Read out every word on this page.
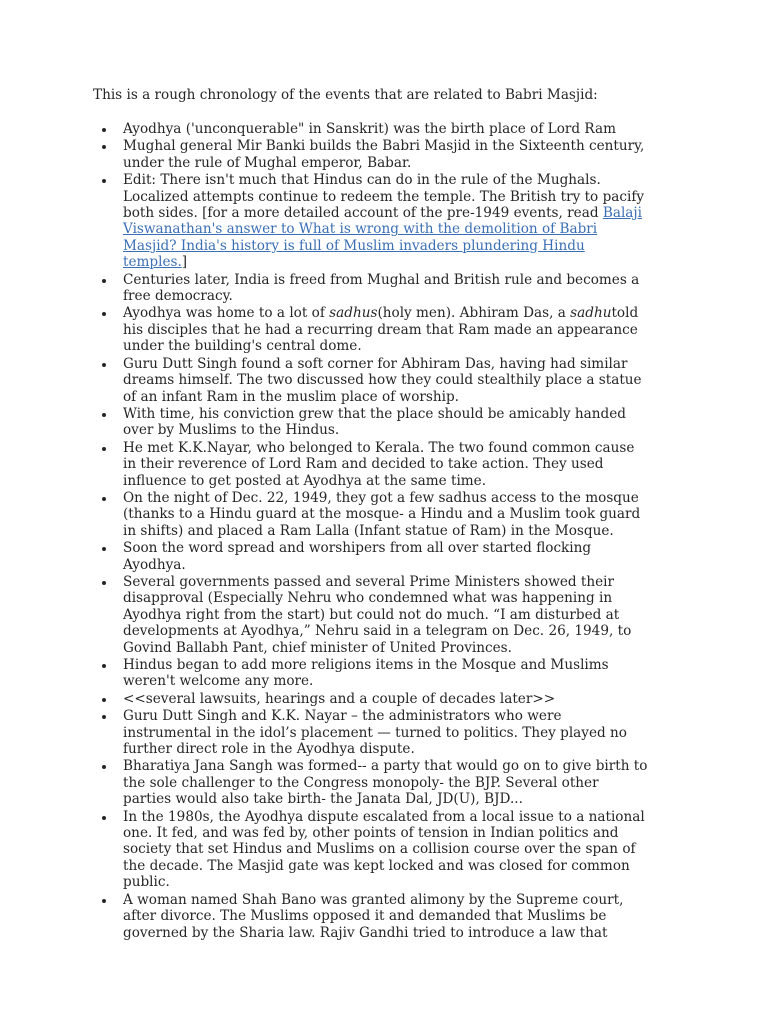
This is a rough chronology of the events that are related to Babri Masjid:

Ayodhya ('unconquerable" in Sanskrit) was the birth place of Lord Ram
Mughal general Mir Banki builds the Babri Masjid in the Sixteenth century,
under the rule of Mughal emperor, Babar.
Edit: There isn't much that Hindus can do in the rule of the Mughals.
Localized attempts continue to redeem the temple. The British try to pacify
both sides. [for a more detailed account of the pre-1949 events, read Balaji
Viswanathan's answer to What is wrong with the demolition of Babri
Masjid? India's history is full of Muslim invaders plundering Hindu
temples.]
Centuries later, India is freed from Mughal and British rule and becomes a
free democracy.
Ayodhya was home to a lot of sadhus(holy men). Abhiram Das, a sadhutold
his disciples that he had a recurring dream that Ram made an appearance
under the building's central dome.
Guru Dutt Singh found a soft corner for Abhiram Das, having had similar
dreams himself. The two discussed how they could stealthily place a statue
of an infant Ram in the muslim place of worship.
With time, his conviction grew that the place should be amicably handed
over by Muslims to the Hindus.
He met K.K.Nayar, who belonged to Kerala. The two found common cause
in their reverence of Lord Ram and decided to take action. They used
influence to get posted at Ayodhya at the same time.
On the night of Dec. 22, 1949, they got a few sadhus access to the mosque
(thanks to a Hindu guard at the mosque- a Hindu and a Muslim took guard
in shifts) and placed a Ram Lalla (Infant statue of Ram) in the Mosque.
Soon the word spread and worshipers from all over started flocking
Ayodhya.
Several governments passed and several Prime Ministers showed their
disapproval (Especially Nehru who condemned what was happening in
Ayodhya right from the start) but could not do much. “I am disturbed at
developments at Ayodhya,” Nehru said in a telegram on Dec. 26, 1949, to
Govind Ballabh Pant, chief minister of United Provinces.
Hindus began to add more religions items in the Mosque and Muslims
weren't welcome any more.
<<several lawsuits, hearings and a couple of decades later>>
Guru Dutt Singh and K.K. Nayar – the administrators who were
instrumental in the idol’s placement — turned to politics. They played no
further direct role in the Ayodhya dispute.
Bharatiya Jana Sangh was formed-- a party that would go on to give birth to
the sole challenger to the Congress monopoly- the BJP. Several other
parties would also take birth- the Janata Dal, JD(U), BJD...
In the 1980s, the Ayodhya dispute escalated from a local issue to a national
one. It fed, and was fed by, other points of tension in Indian politics and
society that set Hindus and Muslims on a collision course over the span of
the decade. The Masjid gate was kept locked and was closed for common
public.
A woman named Shah Bano was granted alimony by the Supreme court,
after divorce. The Muslims opposed it and demanded that Muslims be
governed by the Sharia law. Rajiv Gandhi tried to introduce a law that
